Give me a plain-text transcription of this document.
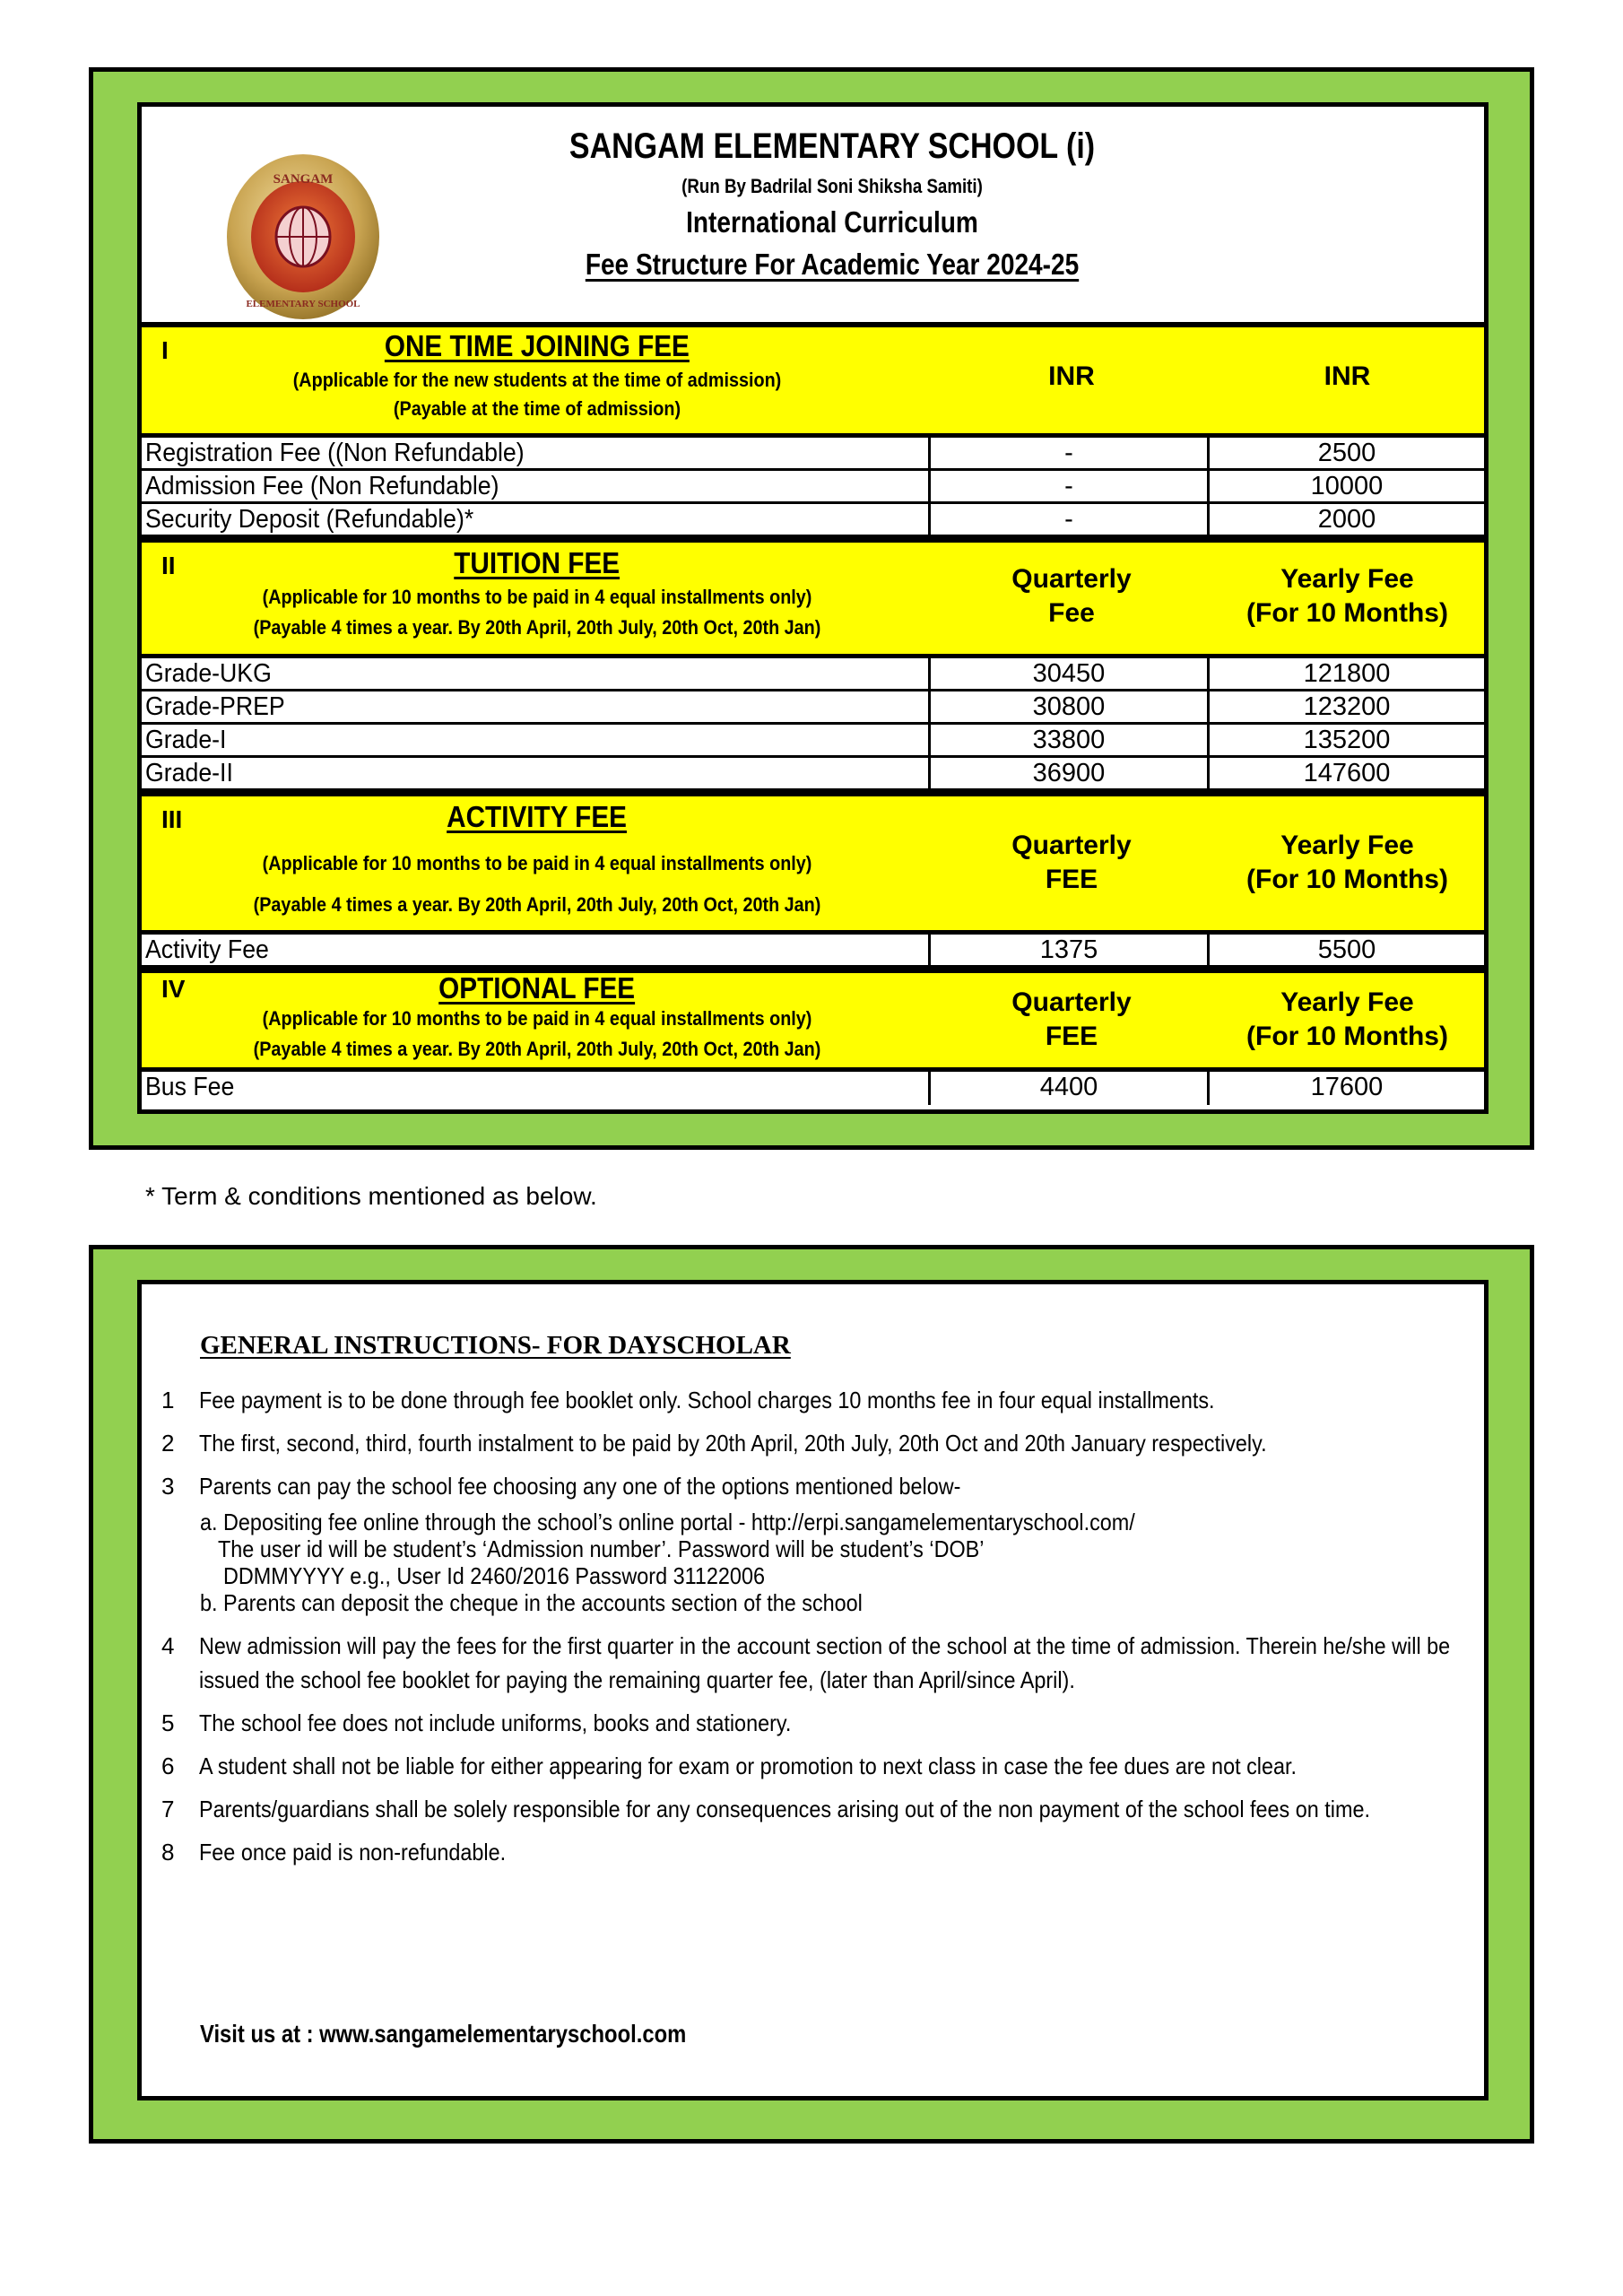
SANGAM
ELEMENTARY SCHOOL
SANGAM ELEMENTARY SCHOOL (i)
(Run By Badrilal Soni Shiksha Samiti)
International Curriculum
Fee Structure For Academic Year 2024-25
I	ONE TIME JOINING FEE
(Applicable for the new students at the time of admission)
(Payable at the time of admission)
INR	INR
Registration Fee ((Non Refundable)	-	2500
Admission Fee (Non Refundable)	-	10000
Security Deposit (Refundable)*	-	2000
II	TUITION FEE
(Applicable for 10 months to be paid in 4 equal installments only)
(Payable 4 times a year. By 20th April, 20th July, 20th Oct, 20th Jan)
Quarterly
Fee
Yearly Fee
(For 10 Months)
Grade-UKG	30450	121800
Grade-PREP	30800	123200
Grade-I	33800	135200
Grade-II	36900	147600
III	ACTIVITY FEE
(Applicable for 10 months to be paid in 4 equal installments only)
(Payable 4 times a year. By 20th April, 20th July, 20th Oct, 20th Jan)
Quarterly
FEE
Yearly Fee
(For 10 Months)
Activity Fee	1375	5500
IV	OPTIONAL FEE
(Applicable for 10 months to be paid in 4 equal installments only)
(Payable 4 times a year. By 20th April, 20th July, 20th Oct, 20th Jan)
Quarterly
FEE
Yearly Fee
(For 10 Months)
Bus Fee	4400	17600
* Term & conditions mentioned as below.
GENERAL INSTRUCTIONS- FOR DAYSCHOLAR
1 Fee payment is to be done through fee booklet only. School charges 10 months fee in four equal installments.
2 The first, second, third, fourth instalment to be paid by 20th April, 20th July, 20th Oct and 20th January respectively.
3 Parents can pay the school fee choosing any one of the options mentioned below-
a. Depositing fee online through the school’s online portal - http://erpi.sangamelementaryschool.com/
The user id will be student’s ‘Admission number’. Password will be student’s ‘DOB’
DDMMYYYY e.g., User Id 2460/2016 Password 31122006
b. Parents can deposit the cheque in the accounts section of the school
4 New admission will pay the fees for the first quarter in the account section of the school at the time of admission. Therein he/she will be issued the school fee booklet for paying the remaining quarter fee, (later than April/since April).
5 The school fee does not include uniforms, books and stationery.
6 A student shall not be liable for either appearing for exam or promotion to next class in case the fee dues are not clear.
7 Parents/guardians shall be solely responsible for any consequences arising out of the non payment of the school fees on time.
8 Fee once paid is non-refundable.
Visit us at : www.sangamelementaryschool.com
